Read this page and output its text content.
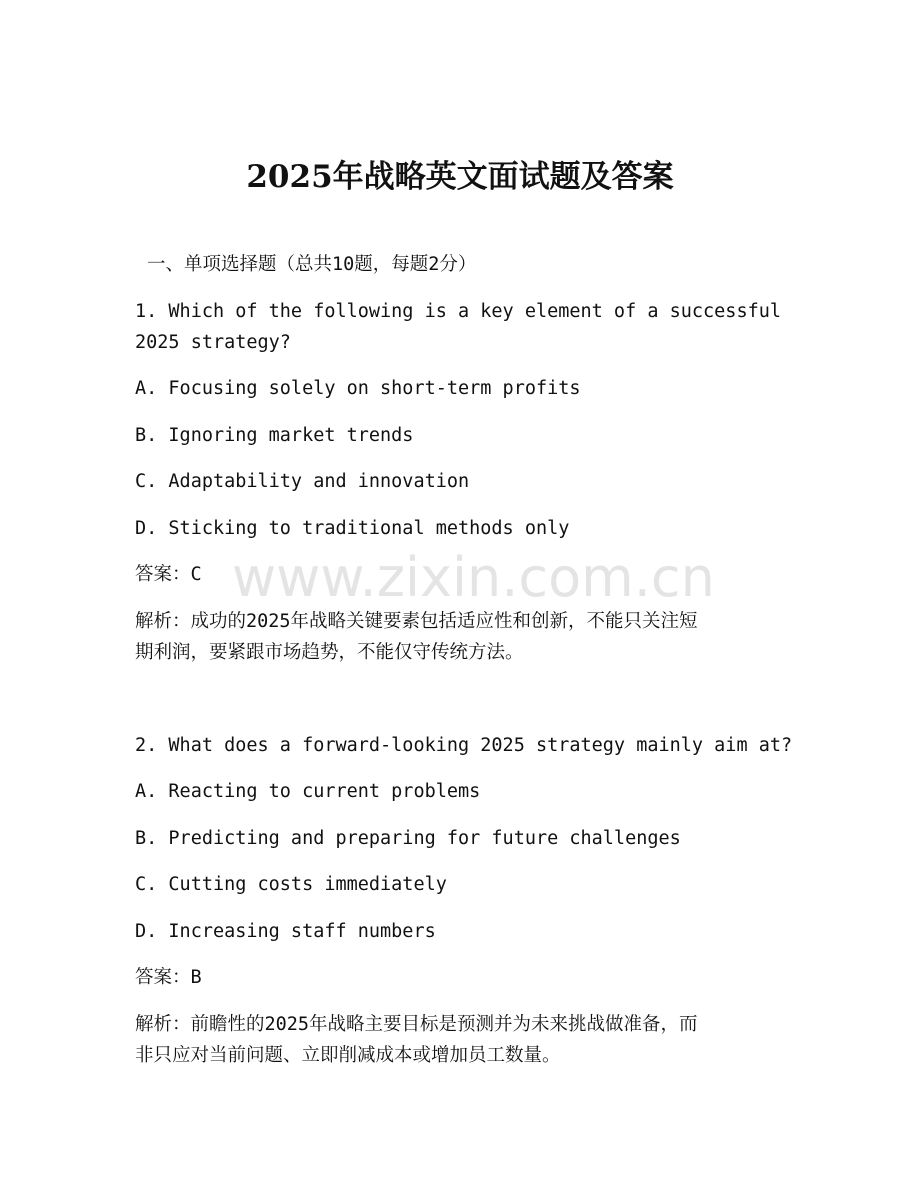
2025年战略英文面试题及答案
一、单项选择题（总共10题，每题2分）
1. Which of the following is a key element of a successful
2025 strategy?
A. Focusing solely on short-term profits
B. Ignoring market trends
C. Adaptability and innovation
D. Sticking to traditional methods only
答案：C
解析：成功的2025年战略关键要素包括适应性和创新，不能只关注短
期利润，要紧跟市场趋势，不能仅守传统方法。
2. What does a forward-looking 2025 strategy mainly aim at?
A. Reacting to current problems
B. Predicting and preparing for future challenges
C. Cutting costs immediately
D. Increasing staff numbers
答案：B
解析：前瞻性的2025年战略主要目标是预测并为未来挑战做准备，而
非只应对当前问题、立即削减成本或增加员工数量。
www.zixin.com.cn
